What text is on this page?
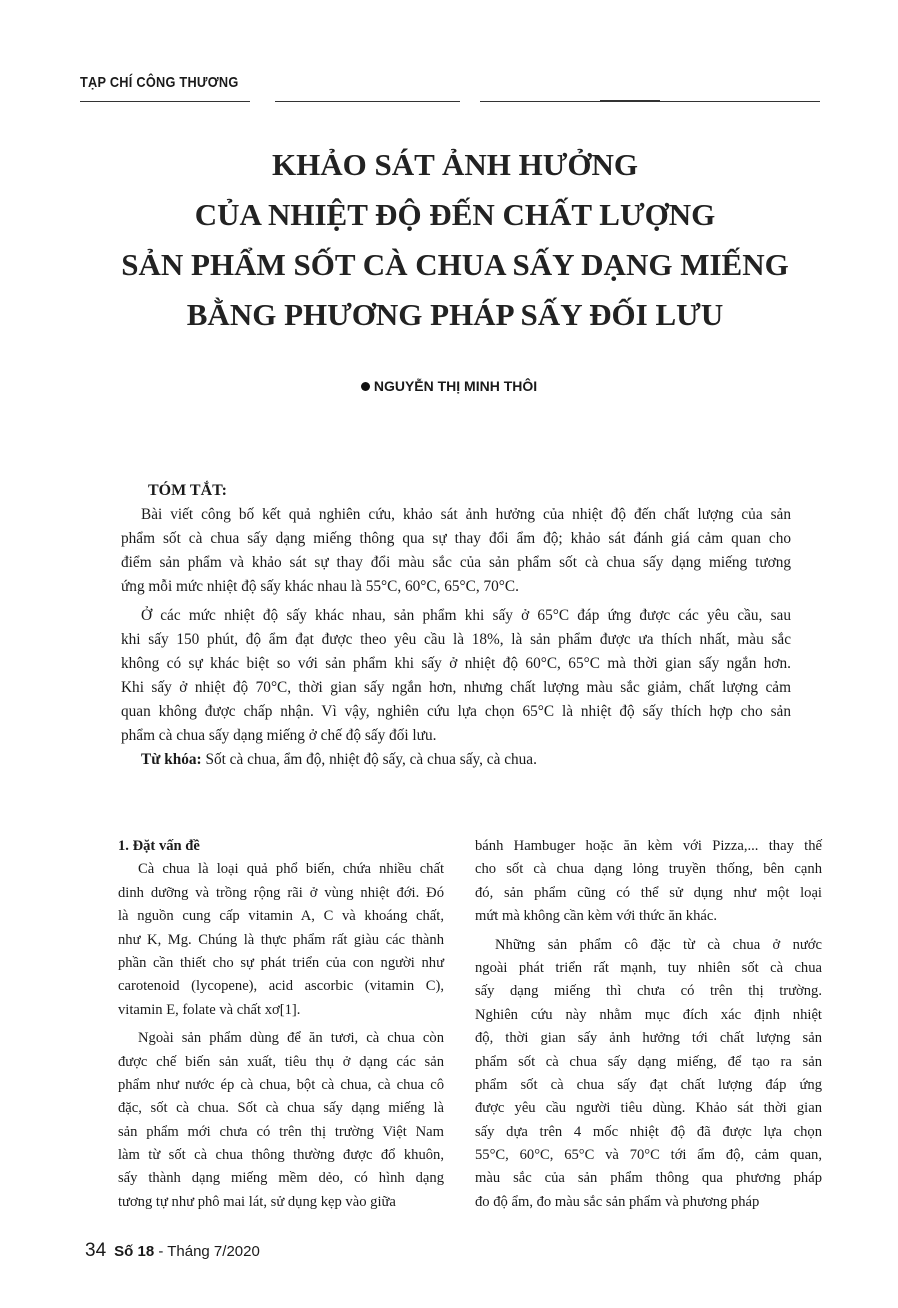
TẠP CHÍ CÔNG THƯƠNG
KHẢO SÁT ẢNH HƯỞNG
CỦA NHIỆT ĐỘ ĐẾN CHẤT LƯỢNG
SẢN PHẨM SỐT CÀ CHUA SẤY DẠNG MIẾNG
BẰNG PHƯƠNG PHÁP SẤY ĐỐI LƯU
NGUYỄN THỊ MINH THÔI
TÓM TẮT:
Bài viết công bố kết quả nghiên cứu, khảo sát ảnh hưởng của nhiệt độ đến chất lượng của sản
phẩm sốt cà chua sấy dạng miếng thông qua sự thay đổi ẩm độ; khảo sát đánh giá cảm quan cho
điểm sản phẩm và khảo sát sự thay đổi màu sắc của sản phẩm sốt cà chua sấy dạng miếng tương
ứng mỗi mức nhiệt độ sấy khác nhau là 55°C, 60°C, 65°C, 70°C.
Ở các mức nhiệt độ sấy khác nhau, sản phẩm khi sấy ở 65°C đáp ứng được các yêu cầu, sau
khi sấy 150 phút, độ ẩm đạt được theo yêu cầu là 18%, là sản phẩm được ưa thích nhất, màu sắc
không có sự khác biệt so với sản phẩm khi sấy ở nhiệt độ 60°C, 65°C mà thời gian sấy ngắn hơn.
Khi sấy ở nhiệt độ 70°C, thời gian sấy ngắn hơn, nhưng chất lượng màu sắc giảm, chất lượng cảm
quan không được chấp nhận. Vì vậy, nghiên cứu lựa chọn 65°C là nhiệt độ sấy thích hợp cho sản
phẩm cà chua sấy dạng miếng ở chế độ sấy đối lưu.
Từ khóa: Sốt cà chua, ẩm độ, nhiệt độ sấy, cà chua sấy, cà chua.
1. Đặt vấn đề
Cà chua là loại quả phổ biến, chứa nhiều chất
dinh dưỡng và trồng rộng rãi ở vùng nhiệt đới. Đó
là nguồn cung cấp vitamin A, C và khoáng chất,
như K, Mg. Chúng là thực phẩm rất giàu các thành
phần cần thiết cho sự phát triển của con người như
carotenoid (lycopene), acid ascorbic (vitamin C),
vitamin E, folate và chất xơ[1].
Ngoài sản phẩm dùng để ăn tươi, cà chua còn
được chế biến sản xuất, tiêu thụ ở dạng các sản
phẩm như nước ép cà chua, bột cà chua, cà chua cô
đặc, sốt cà chua. Sốt cà chua sấy dạng miếng là
sản phẩm mới chưa có trên thị trường Việt Nam
làm từ sốt cà chua thông thường được đổ khuôn,
sấy thành dạng miếng mềm dẻo, có hình dạng
tương tự như phô mai lát, sử dụng kẹp vào giữa
bánh Hambuger hoặc ăn kèm với Pizza,... thay thế
cho sốt cà chua dạng lỏng truyền thống, bên cạnh
đó, sản phẩm cũng có thể sử dụng như một loại
mứt mà không cần kèm với thức ăn khác.
Những sản phẩm cô đặc từ cà chua ở nước
ngoài phát triển rất mạnh, tuy nhiên sốt cà chua
sấy dạng miếng thì chưa có trên thị trường.
Nghiên cứu này nhằm mục đích xác định nhiệt
độ, thời gian sấy ảnh hưởng tới chất lượng sản
phẩm sốt cà chua sấy dạng miếng, để tạo ra sản
phẩm sốt cà chua sấy đạt chất lượng đáp ứng
được yêu cầu người tiêu dùng. Khảo sát thời gian
sấy dựa trên 4 mốc nhiệt độ đã được lựa chọn
55°C, 60°C, 65°C và 70°C tới ẩm độ, cảm quan,
màu sắc của sản phẩm thông qua phương pháp
đo độ ẩm, đo màu sắc sản phẩm và phương pháp
34 Số 18 - Tháng 7/2020
